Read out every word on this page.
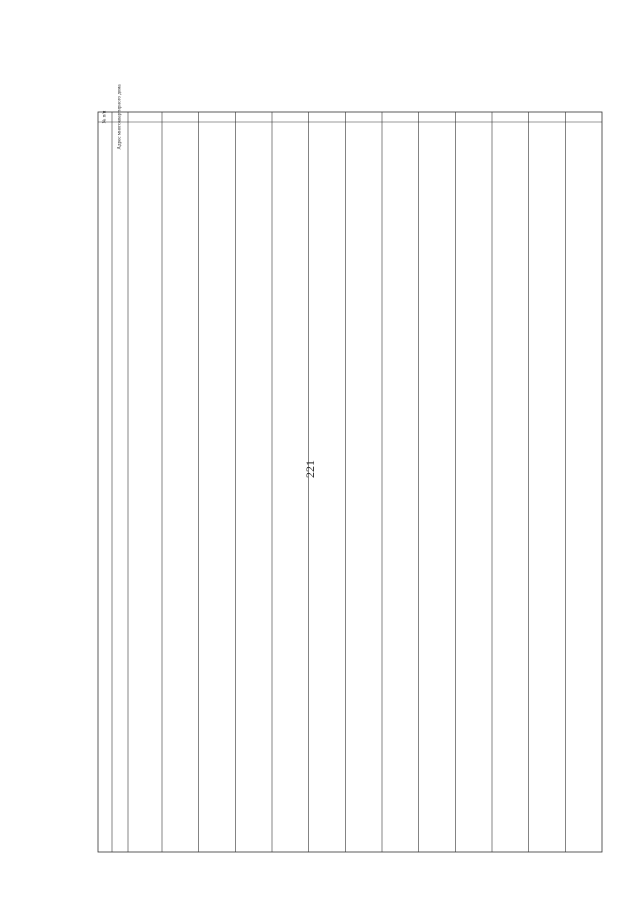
221
№ п/п Адрес многоквартирного дома
